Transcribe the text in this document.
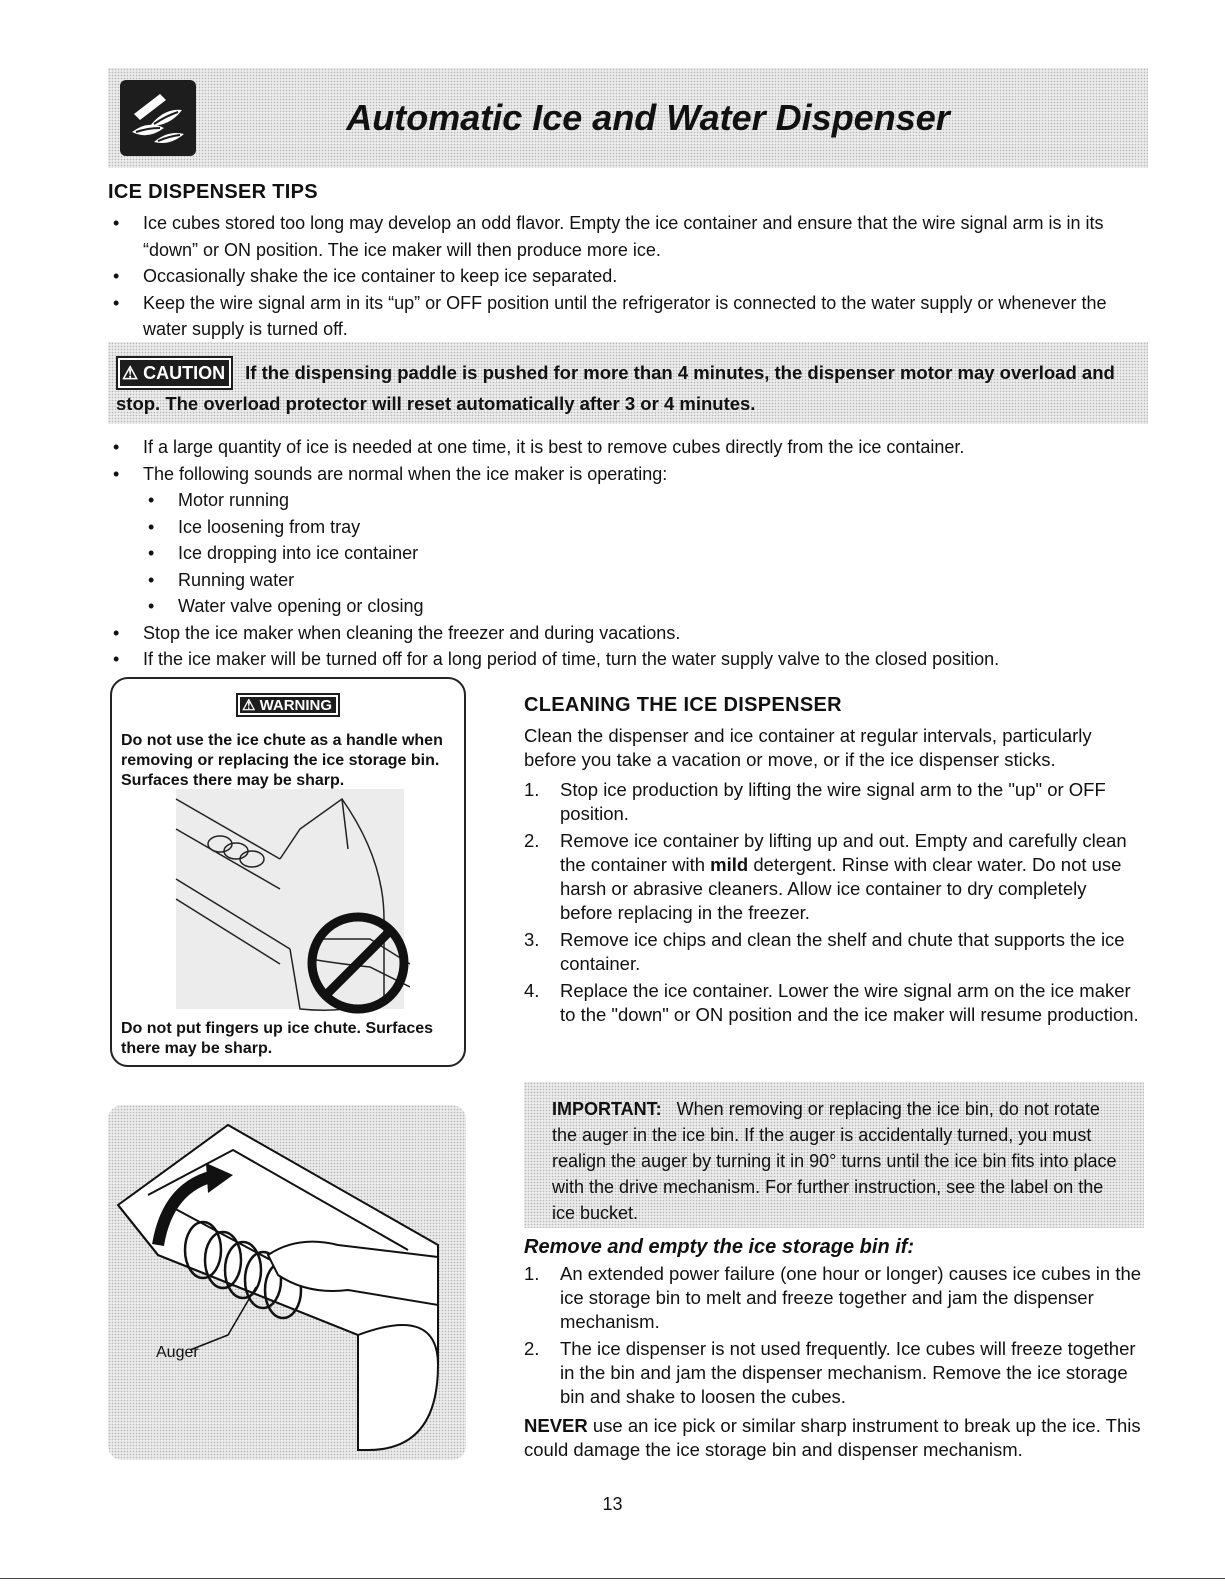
Automatic Ice and Water Dispenser
ICE DISPENSER TIPS
• Ice cubes stored too long may develop an odd flavor. Empty the ice container and ensure that the wire signal arm is in its “down” or ON position. The ice maker will then produce more ice.
• Occasionally shake the ice container to keep ice separated.
• Keep the wire signal arm in its “up” or OFF position until the refrigerator is connected to the water supply or whenever the water supply is turned off.
⚠ CAUTION If the dispensing paddle is pushed for more than 4 minutes, the dispenser motor may overload and stop. The overload protector will reset automatically after 3 or 4 minutes.
• If a large quantity of ice is needed at one time, it is best to remove cubes directly from the ice container.
• The following sounds are normal when the ice maker is operating:
• Motor running
• Ice loosening from tray
• Ice dropping into ice container
• Running water
• Water valve opening or closing
• Stop the ice maker when cleaning the freezer and during vacations.
• If the ice maker will be turned off for a long period of time, turn the water supply valve to the closed position.
⚠ WARNING
Do not use the ice chute as a handle when removing or replacing the ice storage bin. Surfaces there may be sharp.
Do not put fingers up ice chute. Surfaces there may be sharp.
Auger
CLEANING THE ICE DISPENSER
Clean the dispenser and ice container at regular intervals, particularly before you take a vacation or move, or if the ice dispenser sticks.
1. Stop ice production by lifting the wire signal arm to the "up" or OFF position.
2. Remove ice container by lifting up and out. Empty and carefully clean the container with mild detergent. Rinse with clear water. Do not use harsh or abrasive cleaners. Allow ice container to dry completely before replacing in the freezer.
3. Remove ice chips and clean the shelf and chute that supports the ice container.
4. Replace the ice container. Lower the wire signal arm on the ice maker to the "down" or ON position and the ice maker will resume production.
IMPORTANT: When removing or replacing the ice bin, do not rotate the auger in the ice bin. If the auger is accidentally turned, you must realign the auger by turning it in 90° turns until the ice bin fits into place with the drive mechanism. For further instruction, see the label on the ice bucket.
Remove and empty the ice storage bin if:
1. An extended power failure (one hour or longer) causes ice cubes in the ice storage bin to melt and freeze together and jam the dispenser mechanism.
2. The ice dispenser is not used frequently. Ice cubes will freeze together in the bin and jam the dispenser mechanism. Remove the ice storage bin and shake to loosen the cubes.
NEVER use an ice pick or similar sharp instrument to break up the ice. This could damage the ice storage bin and dispenser mechanism.
13
